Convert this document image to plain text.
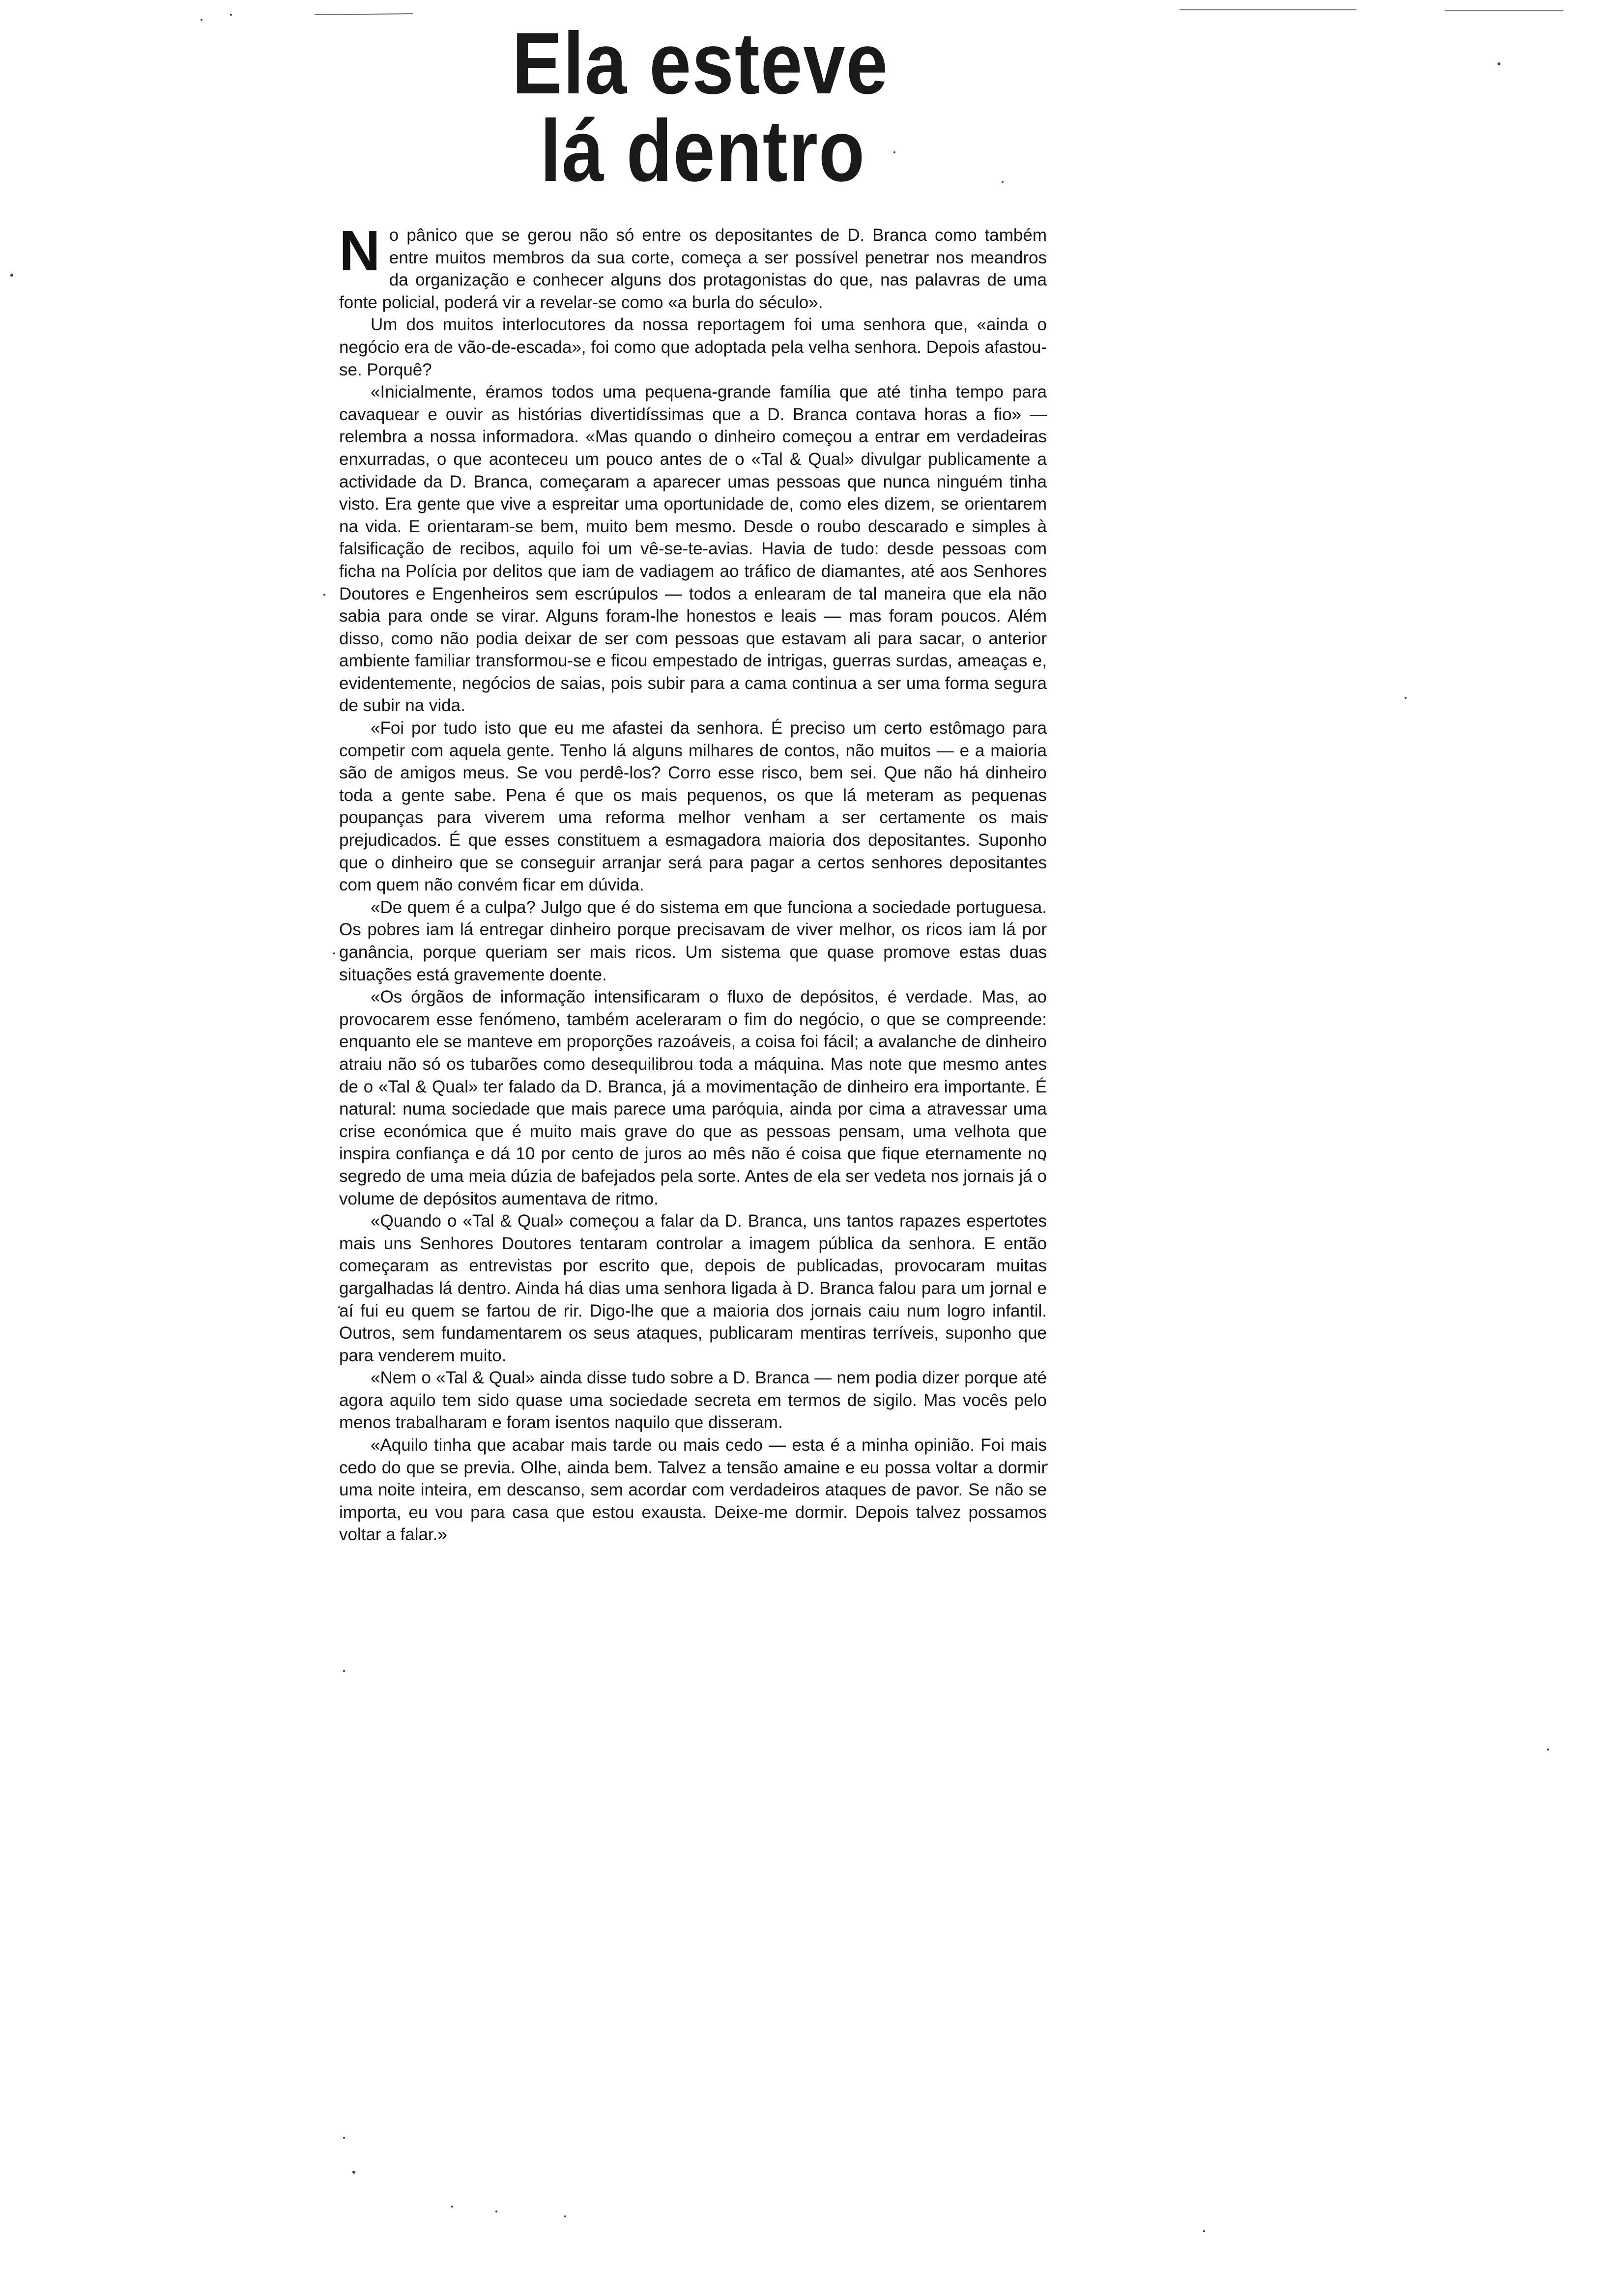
Ela esteve
lá dentro

No pânico que se gerou não só entre os depositantes de D. Branca como também entre muitos membros da sua corte, começa a ser possível penetrar nos meandros da organização e conhecer alguns dos protagonistas do que, nas palavras de uma fonte policial, poderá vir a revelar-se como «a burla do século».

Um dos muitos interlocutores da nossa reportagem foi uma senhora que, «ainda o negócio era de vão-de-escada», foi como que adoptada pela velha senhora. Depois afastou-se. Porquê?

«Inicialmente, éramos todos uma pequena-grande família que até tinha tempo para cavaquear e ouvir as histórias divertidíssimas que a D. Branca contava horas a fio» — relembra a nossa informadora. «Mas quando o dinheiro começou a entrar em verdadeiras enxurradas, o que aconteceu um pouco antes de o «Tal & Qual» divulgar publicamente a actividade da D. Branca, começaram a aparecer umas pessoas que nunca ninguém tinha visto. Era gente que vive a espreitar uma oportunidade de, como eles dizem, se orientarem na vida. E orientaram-se bem, muito bem mesmo. Desde o roubo descarado e simples à falsificação de recibos, aquilo foi um vê-se-te-avias. Havia de tudo: desde pessoas com ficha na Polícia por delitos que iam de vadiagem ao tráfico de diamantes, até aos Senhores Doutores e Engenheiros sem escrúpulos — todos a enlearam de tal maneira que ela não sabia para onde se virar. Alguns foram-lhe honestos e leais — mas foram poucos. Além disso, como não podia deixar de ser com pessoas que estavam ali para sacar, o anterior ambiente familiar transformou-se e ficou empestado de intrigas, guerras surdas, ameaças e, evidentemente, negócios de saias, pois subir para a cama continua a ser uma forma segura de subir na vida.

«Foi por tudo isto que eu me afastei da senhora. É preciso um certo estômago para competir com aquela gente. Tenho lá alguns milhares de contos, não muitos — e a maioria são de amigos meus. Se vou perdê-los? Corro esse risco, bem sei. Que não há dinheiro toda a gente sabe. Pena é que os mais pequenos, os que lá meteram as pequenas poupanças para viverem uma reforma melhor venham a ser certamente os mais prejudicados. É que esses constituem a esmagadora maioria dos depositantes. Suponho que o dinheiro que se conseguir arranjar será para pagar a certos senhores depositantes com quem não convém ficar em dúvida.

«De quem é a culpa? Julgo que é do sistema em que funciona a sociedade portuguesa. Os pobres iam lá entregar dinheiro porque precisavam de viver melhor, os ricos iam lá por ganância, porque queriam ser mais ricos. Um sistema que quase promove estas duas situações está gravemente doente.

«Os órgãos de informação intensificaram o fluxo de depósitos, é verdade. Mas, ao provocarem esse fenómeno, também aceleraram o fim do negócio, o que se compreende: enquanto ele se manteve em proporções razoáveis, a coisa foi fácil; a avalanche de dinheiro atraiu não só os tubarões como desequilibrou toda a máquina. Mas note que mesmo antes de o «Tal & Qual» ter falado da D. Branca, já a movimentação de dinheiro era importante. É natural: numa sociedade que mais parece uma paróquia, ainda por cima a atravessar uma crise económica que é muito mais grave do que as pessoas pensam, uma velhota que inspira confiança e dá 10 por cento de juros ao mês não é coisa que fique eternamente no segredo de uma meia dúzia de bafejados pela sorte. Antes de ela ser vedeta nos jornais já o volume de depósitos aumentava de ritmo.

«Quando o «Tal & Qual» começou a falar da D. Branca, uns tantos rapazes espertotes mais uns Senhores Doutores tentaram controlar a imagem pública da senhora. E então começaram as entrevistas por escrito que, depois de publicadas, provocaram muitas gargalhadas lá dentro. Ainda há dias uma senhora ligada à D. Branca falou para um jornal e aí fui eu quem se fartou de rir. Digo-lhe que a maioria dos jornais caiu num logro infantil. Outros, sem fundamentarem os seus ataques, publicaram mentiras terríveis, suponho que para venderem muito.

«Nem o «Tal & Qual» ainda disse tudo sobre a D. Branca — nem podia dizer porque até agora aquilo tem sido quase uma sociedade secreta em termos de sigilo. Mas vocês pelo menos trabalharam e foram isentos naquilo que disseram.

«Aquilo tinha que acabar mais tarde ou mais cedo — esta é a minha opinião. Foi mais cedo do que se previa. Olhe, ainda bem. Talvez a tensão amaine e eu possa voltar a dormir uma noite inteira, em descanso, sem acordar com verdadeiros ataques de pavor. Se não se importa, eu vou para casa que estou exausta. Deixe-me dormir. Depois talvez possamos voltar a falar.»
